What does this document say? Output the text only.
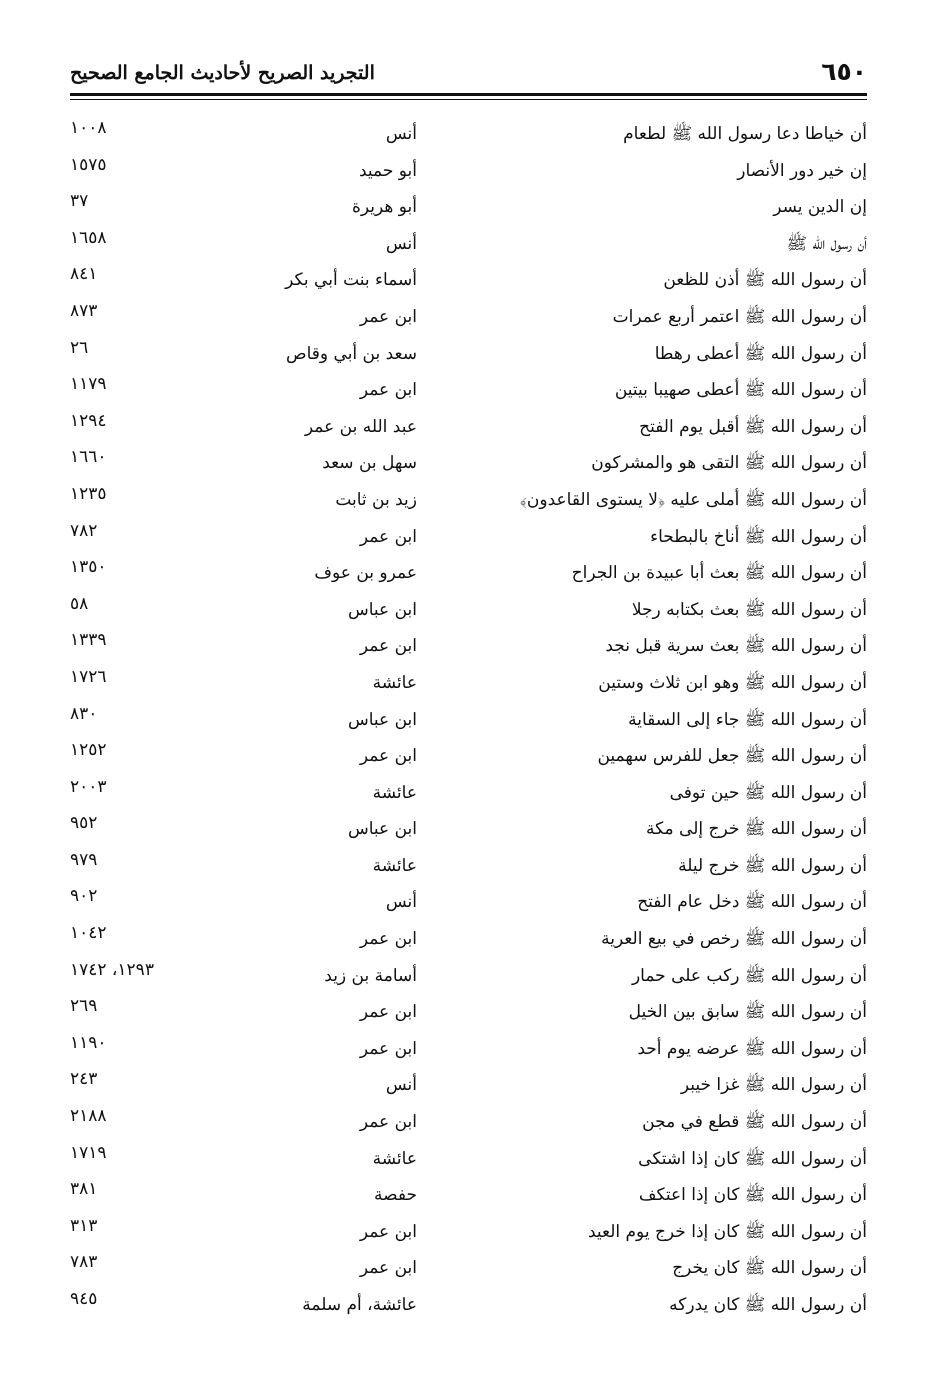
٦٥٠
التجريد الصريح لأحاديث الجامع الصحيح
أن خياطا دعا رسول الله ﷺ لطعام
أنس
١٠٠٨
إن خير دور الأنصار
أبو حميد
١٥٧٥
إن الدين يسر
أبو هريرة
٣٧
أن رسول الله ﷺ
أنس
١٦٥٨
أن رسول الله ﷺ أذن للظعن
أسماء بنت أبي بكر
٨٤١
أن رسول الله ﷺ اعتمر أربع عمرات
ابن عمر
٨٧٣
أن رسول الله ﷺ أعطى رهطا
سعد بن أبي وقاص
٢٦
أن رسول الله ﷺ أعطى صهيبا بيتين
ابن عمر
١١٧٩
أن رسول الله ﷺ أقبل يوم الفتح
عبد الله بن عمر
١٢٩٤
أن رسول الله ﷺ التقى هو والمشركون
سهل بن سعد
١٦٦٠
أن رسول الله ﷺ أملى عليه ﴿لا يستوى القاعدون﴾
زيد بن ثابت
١٢٣٥
أن رسول الله ﷺ أناخ بالبطحاء
ابن عمر
٧٨٢
أن رسول الله ﷺ بعث أبا عبيدة بن الجراح
عمرو بن عوف
١٣٥٠
أن رسول الله ﷺ بعث بكتابه رجلا
ابن عباس
٥٨
أن رسول الله ﷺ بعث سرية قبل نجد
ابن عمر
١٣٣٩
أن رسول الله ﷺ وهو ابن ثلاث وستين
عائشة
١٧٢٦
أن رسول الله ﷺ جاء إلى السقاية
ابن عباس
٨٣٠
أن رسول الله ﷺ جعل للفرس سهمين
ابن عمر
١٢٥٢
أن رسول الله ﷺ حين توفى
عائشة
٢٠٠٣
أن رسول الله ﷺ خرج إلى مكة
ابن عباس
٩٥٢
أن رسول الله ﷺ خرج ليلة
عائشة
٩٧٩
أن رسول الله ﷺ دخل عام الفتح
أنس
٩٠٢
أن رسول الله ﷺ رخص في بيع العرية
ابن عمر
١٠٤٢
أن رسول الله ﷺ ركب على حمار
أسامة بن زيد
١٢٩٣، ١٧٤٢
أن رسول الله ﷺ سابق بين الخيل
ابن عمر
٢٦٩
أن رسول الله ﷺ عرضه يوم أحد
ابن عمر
١١٩٠
أن رسول الله ﷺ غزا خيبر
أنس
٢٤٣
أن رسول الله ﷺ قطع في مجن
ابن عمر
٢١٨٨
أن رسول الله ﷺ كان إذا اشتكى
عائشة
١٧١٩
أن رسول الله ﷺ كان إذا اعتكف
حفصة
٣٨١
أن رسول الله ﷺ كان إذا خرج يوم العيد
ابن عمر
٣١٣
أن رسول الله ﷺ كان يخرج
ابن عمر
٧٨٣
أن رسول الله ﷺ كان يدركه
عائشة، أم سلمة
٩٤٥
